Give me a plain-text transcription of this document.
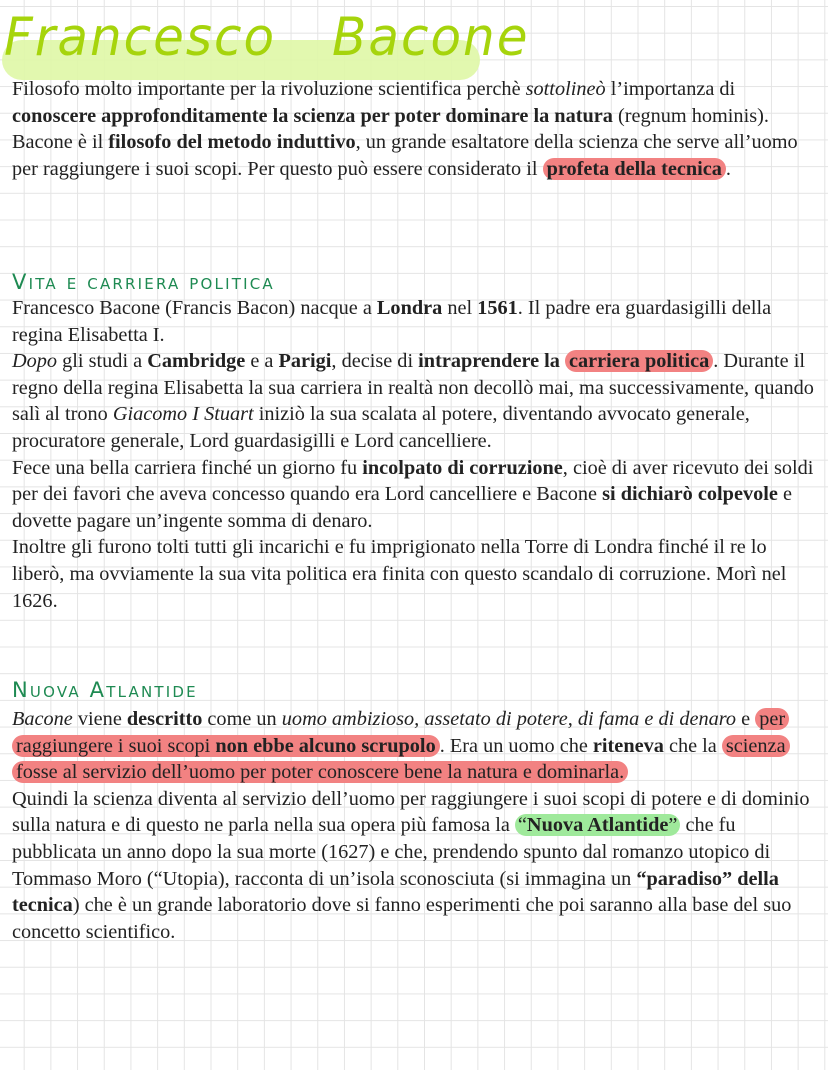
Francesco Bacone

Filosofo molto importante per la rivoluzione scientifica perchè sottolineò l’importanza di conoscere approfonditamente la scienza per poter dominare la natura (regnum hominis).

Bacone è il filosofo del metodo induttivo, un grande esaltatore della scienza che serve all’uomo per raggiungere i suoi scopi. Per questo può essere considerato il profeta della tecnica .

Vita e carriera politica

Francesco Bacone (Francis Bacon) nacque a Londra nel 1561. Il padre era guardasigilli della regina Elisabetta I.

Dopo gli studi a Cambridge e a Parigi, decise di intraprendere la carriera politica . Durante il regno della regina Elisabetta la sua carriera in realtà non decollò mai, ma successivamente, quando salì al trono Giacomo I Stuart iniziò la sua scalata al potere, diventando avvocato generale, procuratore generale, Lord guardasigilli e Lord cancelliere.

Fece una bella carriera finché un giorno fu incolpato di corruzione, cioè di aver ricevuto dei soldi per dei favori che aveva concesso quando era Lord cancelliere e Bacone si dichiarò colpevole e dovette pagare un’ingente somma di denaro.

Inoltre gli furono tolti tutti gli incarichi e fu imprigionato nella Torre di Londra finché il re lo liberò, ma ovviamente la sua vita politica era finita con questo scandalo di corruzione. Morì nel 1626.

Nuova Atlantide

Bacone viene descritto come un uomo ambizioso, assetato di potere, di fama e di denaro e per raggiungere i suoi scopi non ebbe alcuno scrupolo . Era un uomo che riteneva che la scienza fosse al servizio dell’uomo per poter conoscere bene la natura e dominarla.

Quindi la scienza diventa al servizio dell’uomo per raggiungere i suoi scopi di potere e di dominio sulla natura e di questo ne parla nella sua opera più famosa la “Nuova Atlantide” che fu pubblicata un anno dopo la sua morte (1627) e che, prendendo spunto dal romanzo utopico di Tommaso Moro (“Utopia), racconta di un’isola sconosciuta (si immagina un “paradiso” della tecnica) che è un grande laboratorio dove si fanno esperimenti che poi saranno alla base del suo concetto scientifico.
